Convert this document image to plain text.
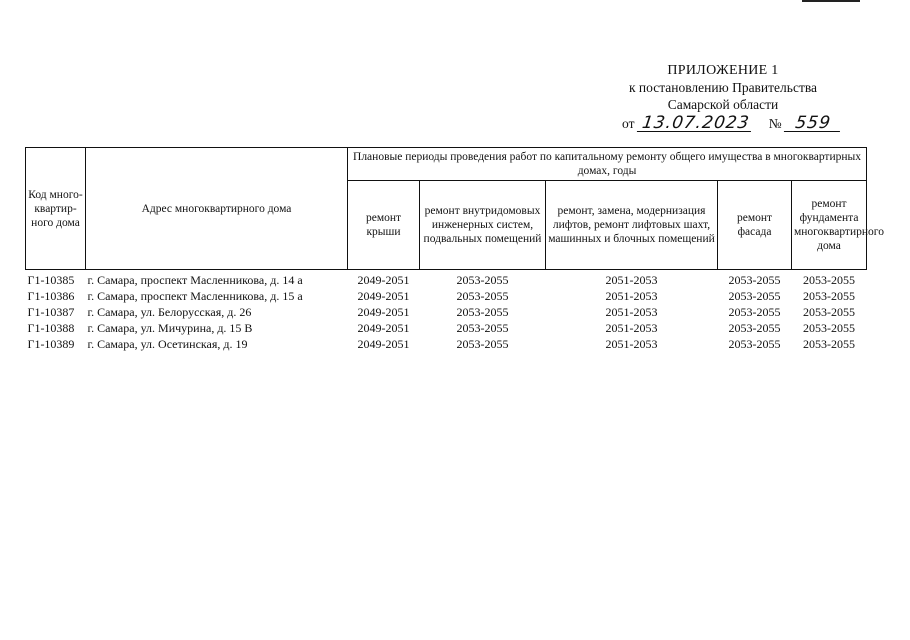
ПРИЛОЖЕНИЕ 1
к постановлению Правительства
Самарской области
от 13.07.2023 № 559
Код много-квартир-ного дома	Адрес многоквартирного дома	Плановые периоды проведения работ по капитальному ремонту общего имущества в многоквартирных домах, годы				
		ремонт крыши	ремонт внутридомовых инженерных систем, подвальных помещений	ремонт, замена, модернизация лифтов, ремонт лифтовых шахт, машинных и блочных помещений	ремонт фасада	ремонт фундамента многоквартирного дома
Г1-10385	г. Самара, проспект Масленникова, д. 14 а	2049-2051	2053-2055	2051-2053	2053-2055	2053-2055
Г1-10386	г. Самара, проспект Масленникова, д. 15 а	2049-2051	2053-2055	2051-2053	2053-2055	2053-2055
Г1-10387	г. Самара, ул. Белорусская, д. 26	2049-2051	2053-2055	2051-2053	2053-2055	2053-2055
Г1-10388	г. Самара, ул. Мичурина, д. 15 В	2049-2051	2053-2055	2051-2053	2053-2055	2053-2055
Г1-10389	г. Самара, ул. Осетинская, д. 19	2049-2051	2053-2055	2051-2053	2053-2055	2053-2055
